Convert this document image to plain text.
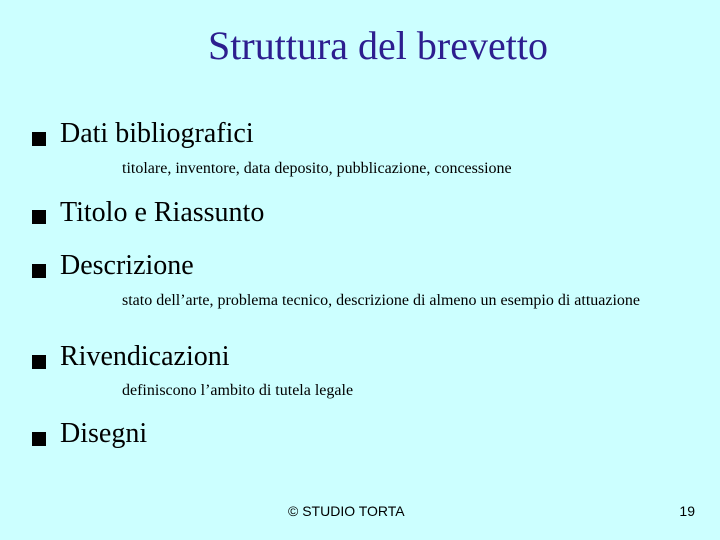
Struttura del brevetto
Dati bibliografici
titolare, inventore, data deposito, pubblicazione, concessione
Titolo e Riassunto
Descrizione
stato dell’arte, problema tecnico, descrizione di almeno un esempio di attuazione
Rivendicazioni
definiscono l’ambito di tutela legale
Disegni
© STUDIO TORTA	19
